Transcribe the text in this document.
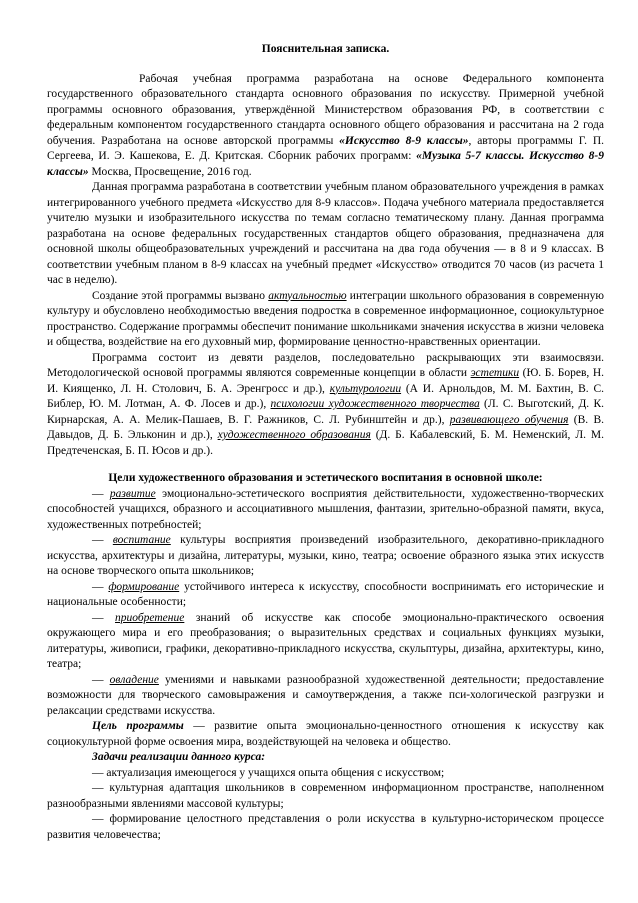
Пояснительная записка.

Рабочая учебная программа разработана на основе Федерального компонента государственного образовательного стандарта основного образования по искусству. Примерной учебной программы основного образования, утверждённой Министерством образования РФ, в соответствии с федеральным компонентом государственного стандарта основного общего образования и рассчитана на 2 года обучения. Разработана на основе авторской программы «Искусство 8-9 классы», авторы программы Г. П. Сергеева, И. Э. Кашекова, Е. Д. Критская. Сборник рабочих программ: «Музыка 5-7 классы. Искусство 8-9 классы» Москва, Просвещение, 2016 год.

Данная программа разработана в соответствии учебным планом образовательного учреждения в рамках интегрированного учебного предмета «Искусство для 8-9 классов». Подача учебного материала предоставляется учителю музыки и изобразительного искусства по темам согласно тематическому плану. Данная программа разработана на основе федеральных государственных стандартов общего образования, предназначена для основной школы общеобразовательных учреждений и рассчитана на два года обучения — в 8 и 9 классах. В соответствии учебным планом в 8-9 классах на учебный предмет «Искусство» отводится 70 часов (из расчета 1 час в неделю).

Создание этой программы вызвано актуальностью интеграции школьного образования в современную культуру и обусловлено необходимостью введения подростка в современное информационное, социокультурное пространство. Содержание программы обеспечит понимание школьниками значения искусства в жизни человека и общества, воздействие на его духовный мир, формирование ценностно-нравственных ориентации.

Программа состоит из девяти разделов, последовательно раскрывающих эти взаимосвязи. Методологической основой программы являются современные концепции в области эстетики (Ю. Б. Борев, Н. И. Киященко, Л. Н. Столович, Б. А. Эренгросс и др.), культурологии (А И. Арнольдов, М. М. Бахтин, В. С. Библер, Ю. М. Лотман, А. Ф. Лосев и др.), психологии художественного творчества (Л. С. Выготский, Д. К. Кирнарская, А. А. Мелик-Пашаев, В. Г. Ражников, С. Л. Рубинштейн и др.), развивающего обучения (В. В. Давыдов, Д. Б. Эльконин и др.), художественного образования (Д. Б. Кабалевский, Б. М. Неменский, Л. М. Предтеченская, Б. П. Юсов и др.).

Цели художественного образования и эстетического воспитания в основной школе:

— развитие эмоционально-эстетического восприятия действительности, художественно-творческих способностей учащихся, образного и ассоциативного мышления, фантазии, зрительно-образной памяти, вкуса, художественных потребностей;

— воспитание культуры восприятия произведений изобразительного, декоративно-прикладного искусства, архитектуры и дизайна, литературы, музыки, кино, театра; освоение образного языка этих искусств на основе творческого опыта школьников;

— формирование устойчивого интереса к искусству, способности воспринимать его исторические и национальные особенности;

— приобретение знаний об искусстве как способе эмоционально-практического освоения окружающего мира и его преобразования; о выразительных средствах и социальных функциях музыки, литературы, живописи, графики, декоративно-прикладного искусства, скульптуры, дизайна, архитектуры, кино, театра;

— овладение умениями и навыками разнообразной художественной деятельности; предоставление возможности для творческого самовыражения и самоутверждения, а также пси-хологической разгрузки и релаксации средствами искусства.

Цель программы — развитие опыта эмоционально-ценностного отношения к искусству как социокультурной форме освоения мира, воздействующей на человека и общество.

Задачи реализации данного курса:

— актуализация имеющегося у учащихся опыта общения с искусством;

— культурная адаптация школьников в современном информационном пространстве, наполненном разнообразными явлениями массовой культуры;

— формирование целостного представления о роли искусства в культурно-историческом процессе развития человечества;
